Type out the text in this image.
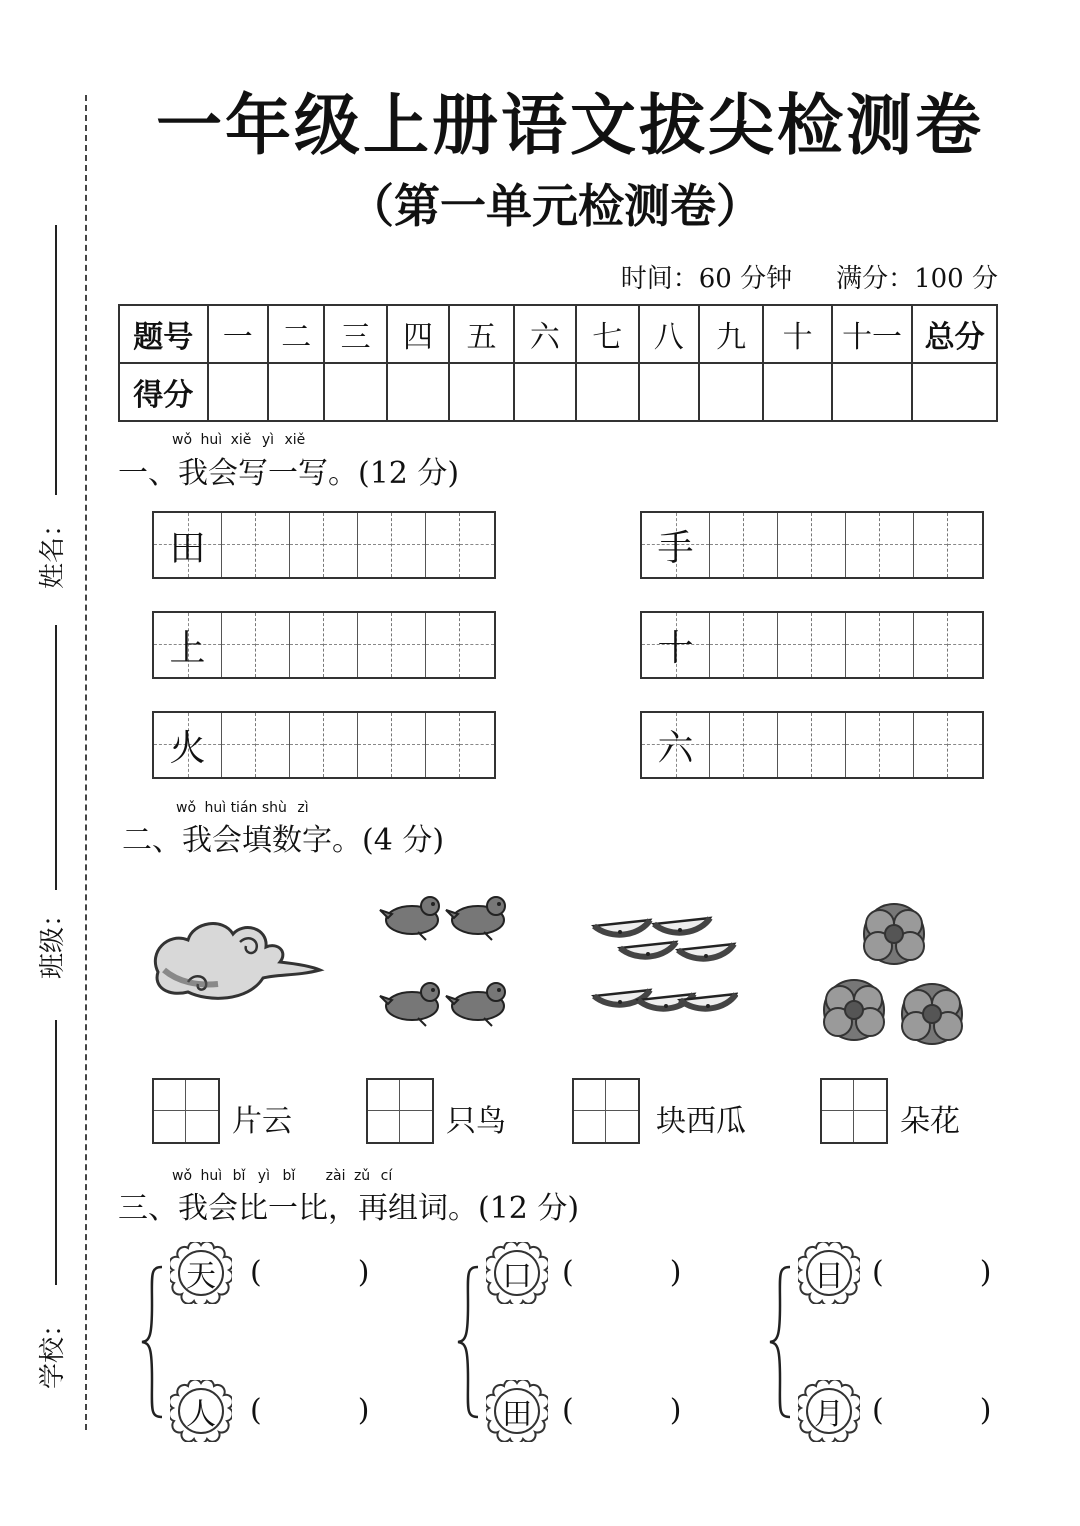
姓名：
班级：
学校：
一年级上册语文拔尖检测卷
（第一单元检测卷）
时间：60 分钟 满分：100 分
题号	一	二	三	四	五	六	七	八	九	十	十一	总分
得分												
wǒ huì xiě yì xiě
一、我会写一写。(12 分)
田	手
上	十
火	六
wǒ huì tián shù zì
二、我会填数字。(4 分)
片云	只鸟	块西瓜	朵花
wǒ huì bǐ yì bǐ zài zǔ cí
三、我会比一比，再组词。(12 分)
天	(	)
人	(	)
口	(	)
田	(	)
日 (	)
月 (	)
